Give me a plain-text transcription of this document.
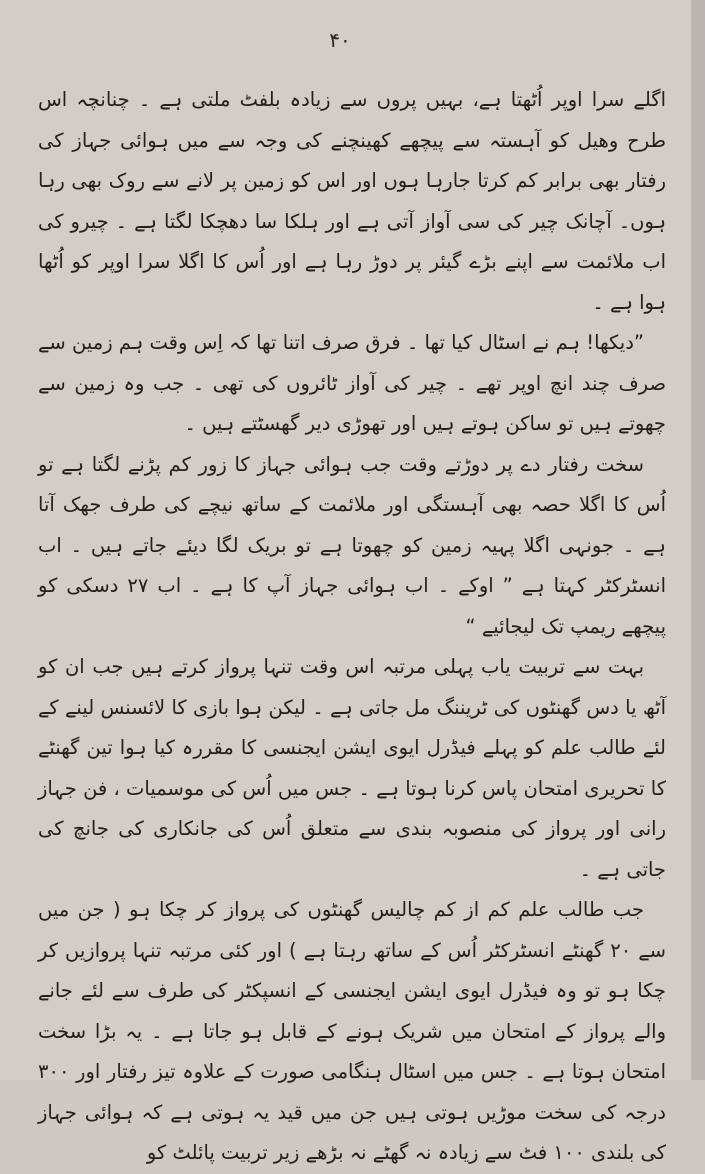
۴۰

اگلے سرا اوپر اُٹھتا ہے، بہیں پروں سے زیادہ بلفٹ ملتی ہے ۔ چنانچہ اس طرح وھیل کو آہستہ سے پیچھے کھینچنے کی وجہ سے میں ہوائی جہاز کی رفتار بھی برابر کم کرتا جارہا ہوں اور اس کو زمین پر لانے سے روک بھی رہا ہوں۔ آچانک چیر کی سی آواز آتی ہے اور ہلکا سا دھچکا لگتا ہے ۔ چیرو کی اب ملائمت سے اپنے بڑے گیئر پر دوڑ رہا ہے اور اُس کا اگلا سرا اوپر کو اُٹھا ہوا ہے ۔

”دیکھا! ہم نے اسٹال کیا تھا ۔ فرق صرف اتنا تھا کہ اِس وقت ہم زمین سے صرف چند انچ اوپر تھے ۔ چیر کی آواز ٹائروں کی تھی ۔ جب وہ زمین سے چھوتے ہیں تو ساکن ہوتے ہیں اور تھوڑی دیر گھسٹتے ہیں ۔

سخت رفتار دے پر دوڑتے وقت جب ہوائی جہاز کا زور کم پڑنے لگتا ہے تو اُس کا اگلا حصہ بھی آہستگی اور ملائمت کے ساتھ نیچے کی طرف جھک آتا ہے ۔ جونہی اگلا پہیہ زمین کو چھوتا ہے تو بریک لگا دیئے جاتے ہیں ۔ اب انسٹرکٹر کہتا ہے ” اوکے ۔ اب ہوائی جہاز آپ کا ہے ۔ اب ۲۷ دسکی کو پیچھے ریمپ تک لیجائیے “

بہت سے تربیت یاب پہلی مرتبہ اس وقت تنہا پرواز کرتے ہیں جب ان کو آٹھ یا دس گھنٹوں کی ٹریننگ مل جاتی ہے ۔ لیکن ہوا بازی کا لائسنس لینے کے لئے طالب علم کو پہلے فیڈرل ایوی ایشن ایجنسی کا مقررہ کیا ہوا تین گھنٹے کا تحریری امتحان پاس کرنا ہوتا ہے ۔ جس میں اُس کی موسمیات ، فن جہاز رانی اور پرواز کی منصوبہ بندی سے متعلق اُس کی جانکاری کی جانچ کی جاتی ہے ۔

جب طالب علم کم از کم چالیس گھنٹوں کی پرواز کر چکا ہو ( جن میں سے ۲۰ گھنٹے انسٹرکٹر اُس کے ساتھ رہتا ہے ) اور کئی مرتبہ تنہا پروازیں کر چکا ہو تو وہ فیڈرل ایوی ایشن ایجنسی کے انسپکٹر کی طرف سے لئے جانے والے پرواز کے امتحان میں شریک ہونے کے قابل ہو جاتا ہے ۔ یہ بڑا سخت امتحان ہوتا ہے ۔ جس میں اسٹال ہنگامی صورت کے علاوہ تیز رفتار اور ۳۰۰ درجہ کی سخت موڑیں ہوتی ہیں جن میں قید یہ ہوتی ہے کہ ہوائی جہاز کی بلندی ۱۰۰ فٹ سے زیادہ نہ گھٹے نہ بڑھے زیر تربیت پائلٹ کو
